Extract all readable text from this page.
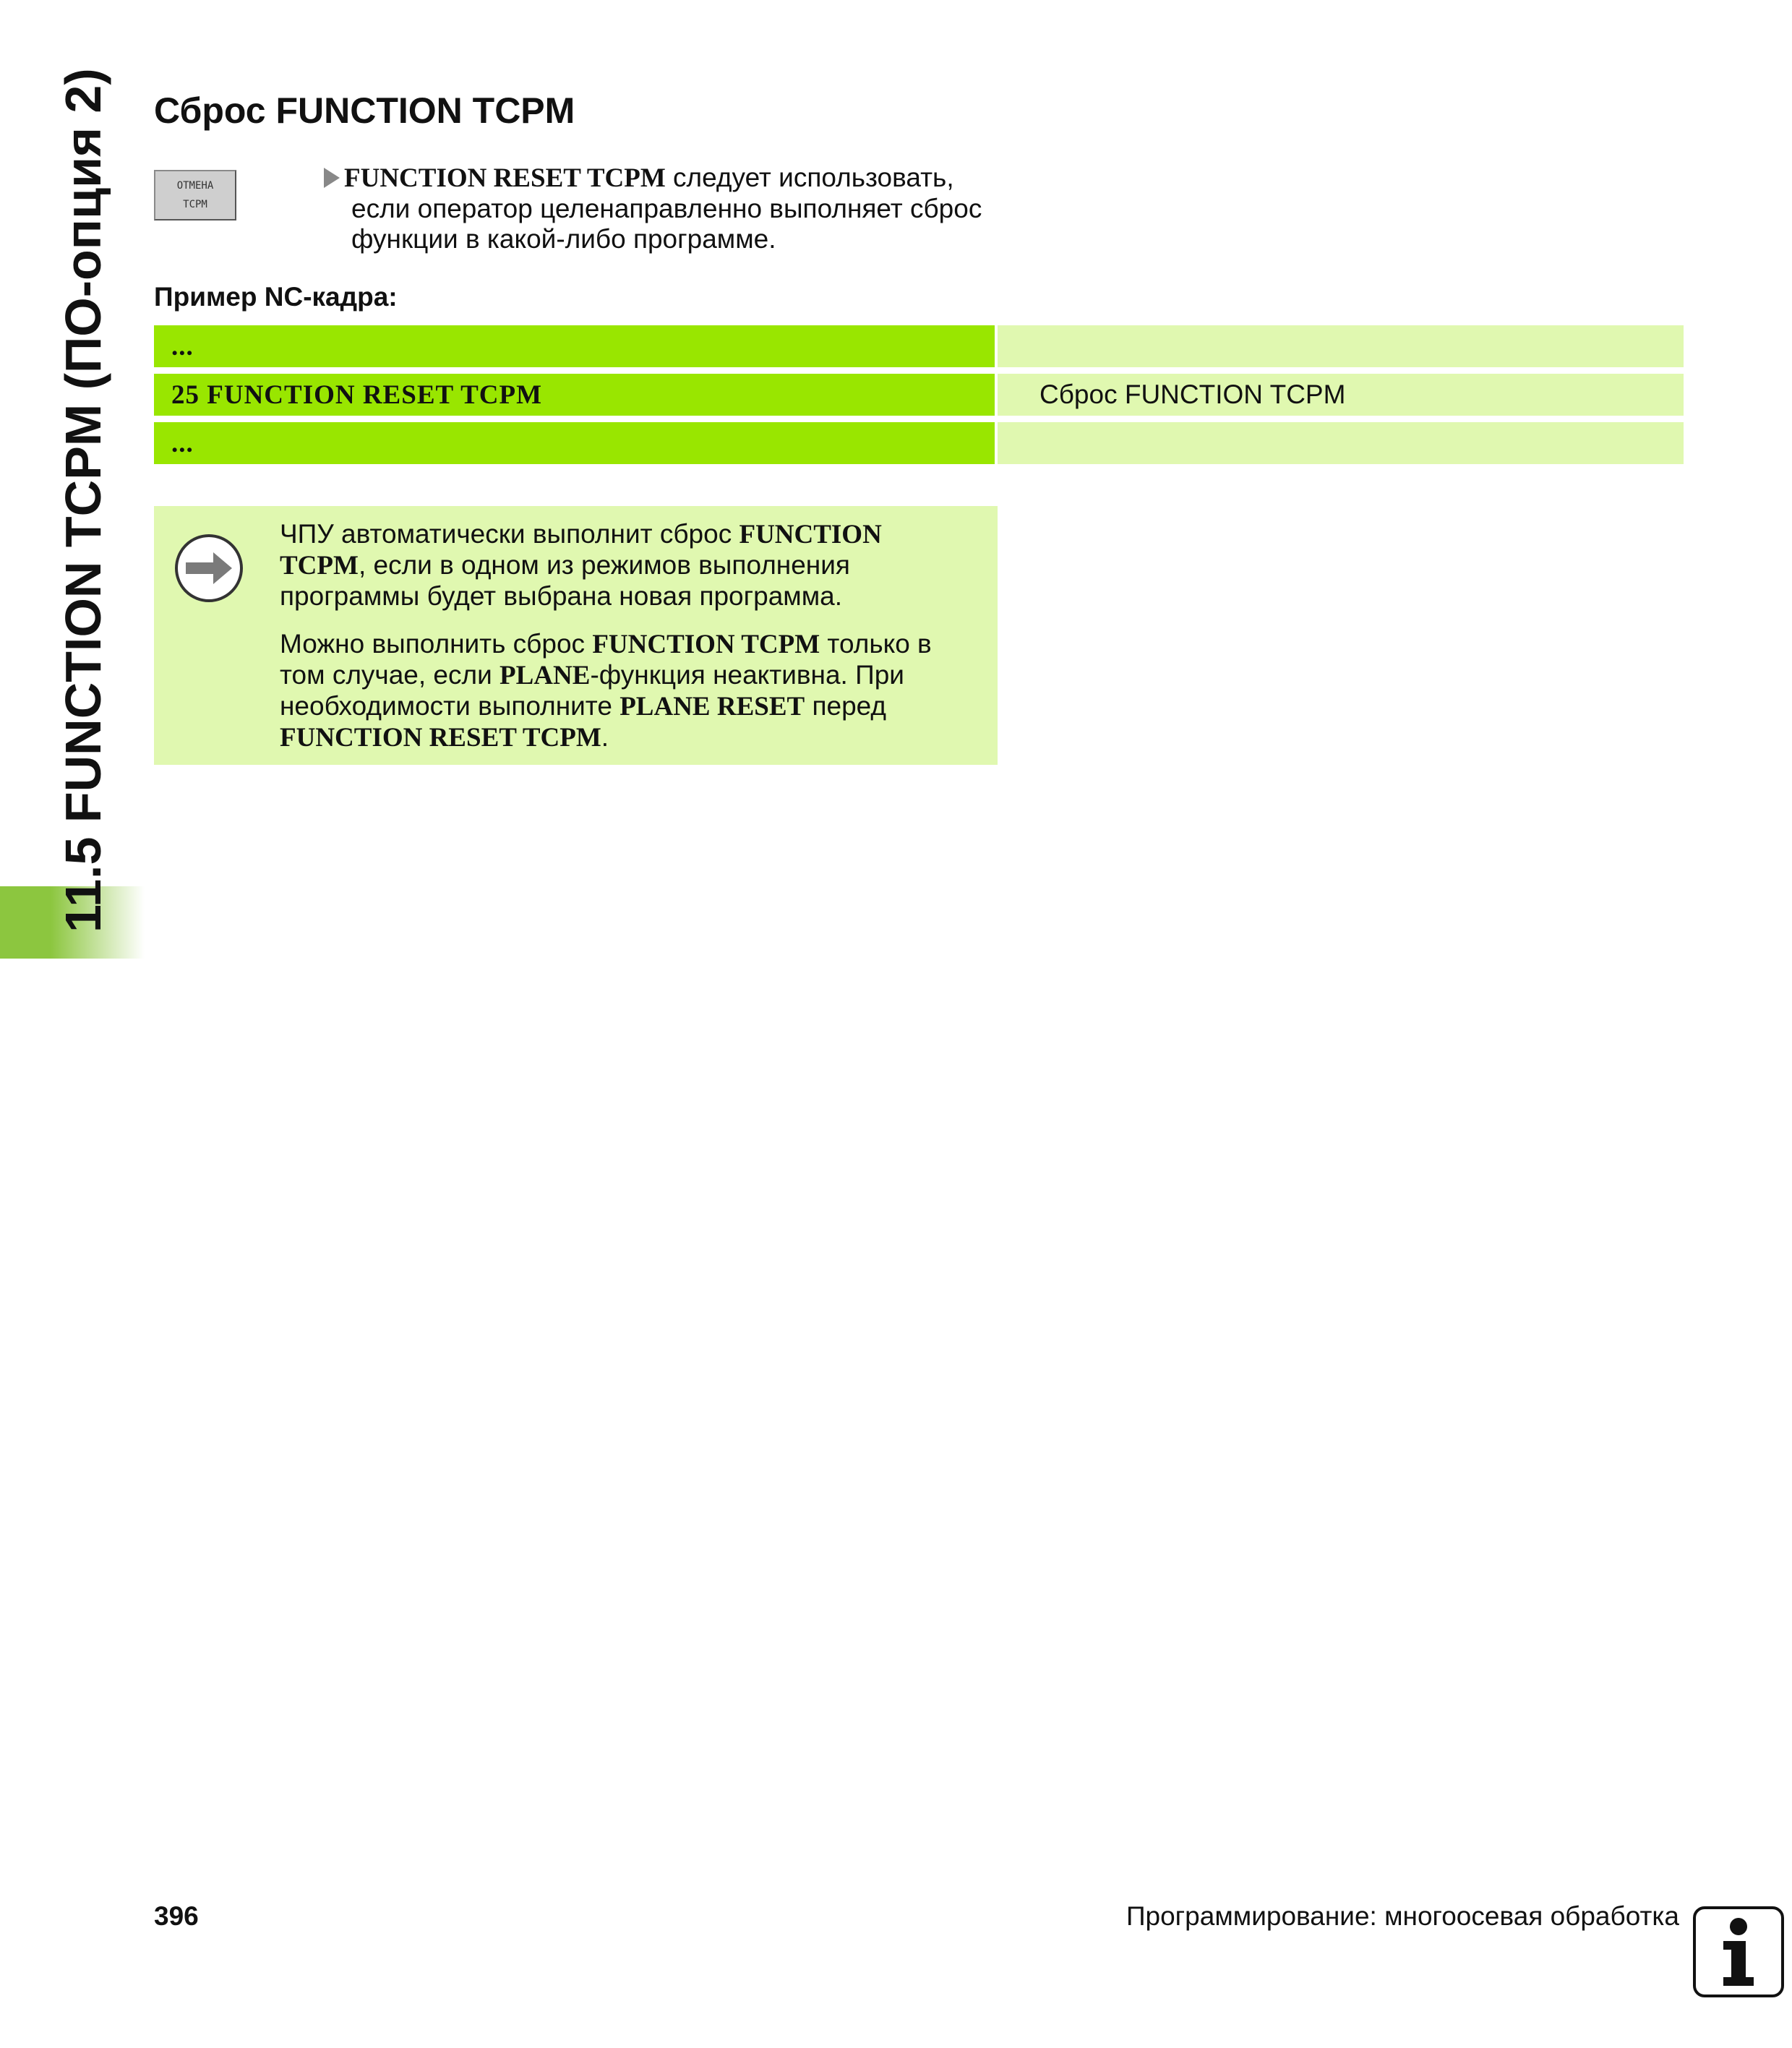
11.5 FUNCTION TCPM (ПО-опция 2) Сброс FUNCTION TCPM
ОТМЕНА
TCPM
FUNCTION RESET TCPM следует использовать,
если оператор целенаправленно выполняет сброс
функции в какой-либо программе.
Пример NC-кадра:
...
25 FUNCTION RESET TCPM	Сброс FUNCTION TCPM
...

ЧПУ автоматически выполнит сброс FUNCTION TCPM, если в одном из режимов выполнения программы будет выбрана новая программа.

Можно выполнить сброс FUNCTION TCPM только в том случае, если PLANE-функция неактивна. При необходимости выполните PLANE RESET перед FUNCTION RESET TCPM.

396	Программирование: многоосевая обработка
